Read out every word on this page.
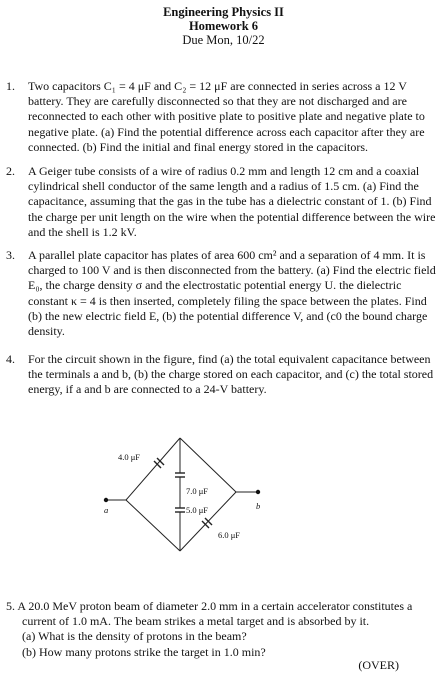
Engineering Physics II
Homework 6
Due Mon, 10/22
1.	Two capacitors C₁ = 4 μF and C₂ = 12 μF are connected in series across a 12 V battery. They are carefully disconnected so that they are not discharged and are reconnected to each other with positive plate to positive plate and negative plate to negative plate. (a) Find the potential difference across each capacitor after they are connected. (b) Find the initial and final energy stored in the capacitors.
2.	A Geiger tube consists of a wire of radius 0.2 mm and length 12 cm and a coaxial cylindrical shell conductor of the same length and a radius of 1.5 cm. (a) Find the capacitance, assuming that the gas in the tube has a dielectric constant of 1. (b) Find the charge per unit length on the wire when the potential difference between the wire and the shell is 1.2 kV.
3.	A parallel plate capacitor has plates of area 600 cm² and a separation of 4 mm. It is charged to 100 V and is then disconnected from the battery. (a) Find the electric field E₀, the charge density σ and the electrostatic potential energy U. the dielectric constant κ = 4 is then inserted, completely filing the space between the plates. Find (b) the new electric field E, (b) the potential difference V, and (c0 the bound charge density.
4.	For the circuit shown in the figure, find (a) the total equivalent capacitance between the terminals a and b, (b) the charge stored on each capacitor, and (c) the total stored energy, if a and b are connected to a 24-V battery.
4.0 μF
7.0 μF
5.0 μF
6.0 μF
a	b
5. A 20.0 MeV proton beam of diameter 2.0 mm in a certain accelerator constitutes a
current of 1.0 mA. The beam strikes a metal target and is absorbed by it.
(a) What is the density of protons in the beam?
(b) How many protons strike the target in 1.0 min?
(OVER)
